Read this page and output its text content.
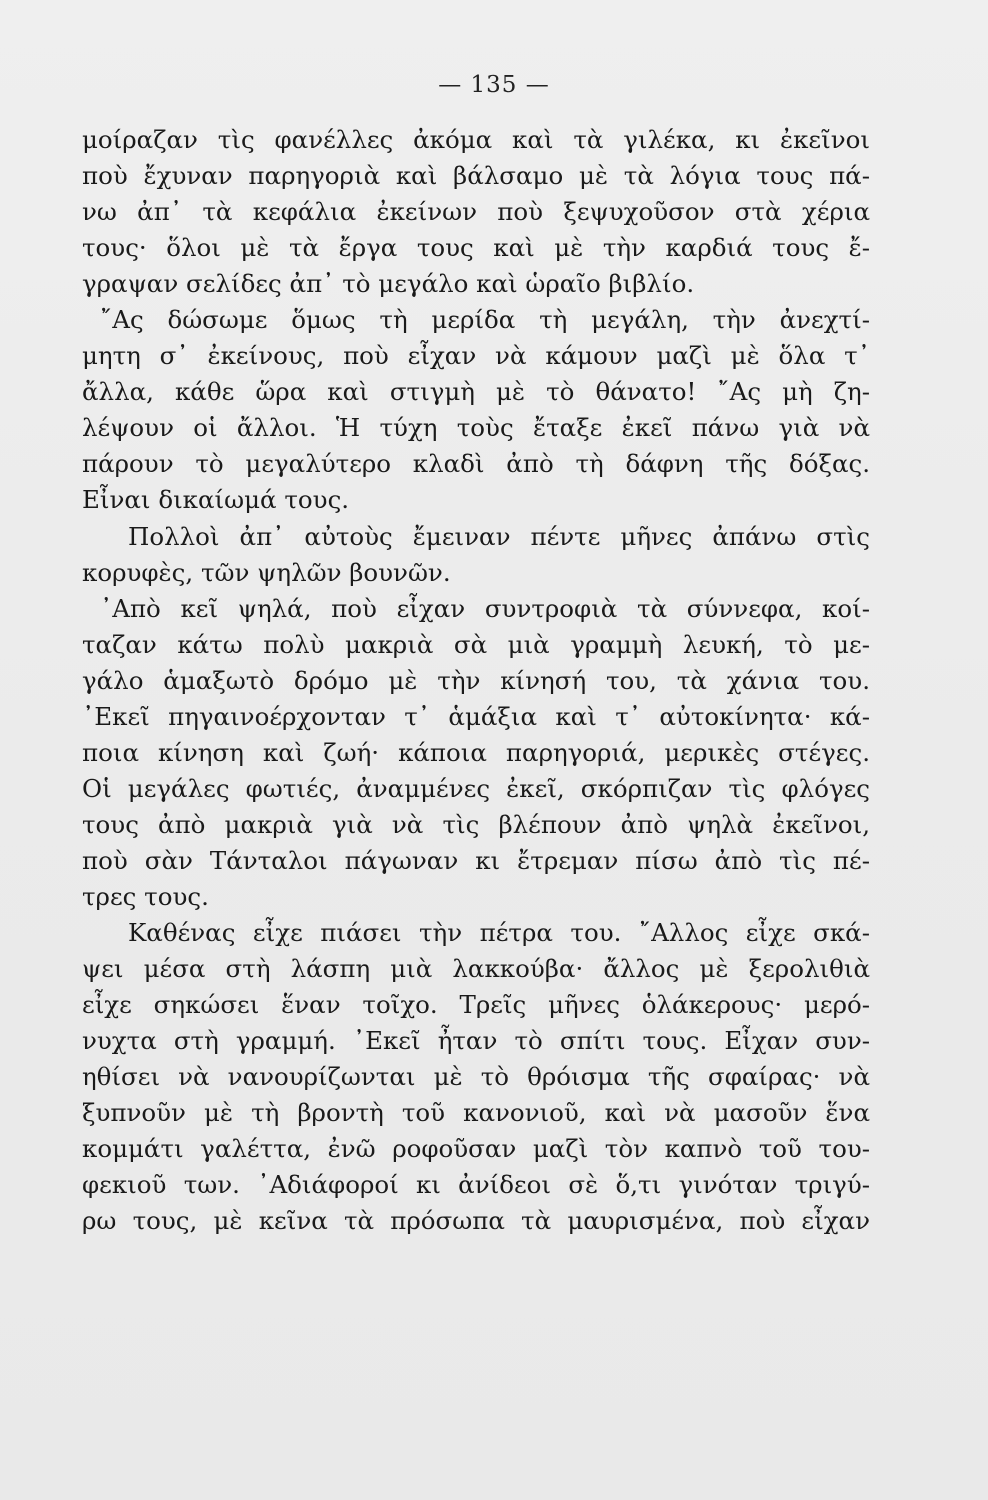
— 135 —
μοίραζαν τὶς φανέλλες ἀκόμα καὶ τὰ γιλέκα, κι ἐκεῖνοι
ποὺ ἔχυναν παρηγοριὰ καὶ βάλσαμο μὲ τὰ λόγια τους πά-
νω ἀπ᾽ τὰ κεφάλια ἐκείνων ποὺ ξεψυχοῦσον στὰ χέρια
τους· ὅλοι μὲ τὰ ἔργα τους καὶ μὲ τὴν καρδιά τους ἔ-
γραψαν σελίδες ἀπ᾽ τὸ μεγάλο καὶ ὡραῖο βιβλίο.
῎Ας δώσωμε ὅμως τὴ μερίδα τὴ μεγάλη, τὴν ἀνεχτί-
μητη σ᾽ ἐκείνους, ποὺ εἶχαν νὰ κάμουν μαζὶ μὲ ὅλα τ᾽
ἄλλα, κάθε ὥρα καὶ στιγμὴ μὲ τὸ θάνατο! ῎Ας μὴ ζη-
λέψουν οἱ ἄλλοι. Ἡ τύχη τοὺς ἔταξε ἐκεῖ πάνω γιὰ νὰ
πάρουν τὸ μεγαλύτερο κλαδὶ ἀπὸ τὴ δάφνη τῆς δόξας.
Εἶναι δικαίωμά τους.
Πολλοὶ ἀπ᾽ αὐτοὺς ἔμειναν πέντε μῆνες ἀπάνω στὶς
κορυφὲς, τῶν ψηλῶν βουνῶν.
᾽Απὸ κεῖ ψηλά, ποὺ εἶχαν συντροφιὰ τὰ σύννεφα, κοί-
ταζαν κάτω πολὺ μακριὰ σὰ μιὰ γραμμὴ λευκή, τὸ με-
γάλο ἁμαξωτὸ δρόμο μὲ τὴν κίνησή του, τὰ χάνια του.
᾽Εκεῖ πηγαινοέρχονταν τ᾽ ἁμάξια καὶ τ᾽ αὐτοκίνητα· κά-
ποια κίνηση καὶ ζωή· κάποια παρηγοριά, μερικὲς στέγες.
Οἱ μεγάλες φωτιές, ἀναμμένες ἐκεῖ, σκόρπιζαν τὶς φλόγες
τους ἀπὸ μακριὰ γιὰ νὰ τὶς βλέπουν ἀπὸ ψηλὰ ἐκεῖνοι,
ποὺ σὰν Τάνταλοι πάγωναν κι ἔτρεμαν πίσω ἀπὸ τὶς πέ-
τρες τους.
Καθένας εἶχε πιάσει τὴν πέτρα του. ῎Αλλος εἶχε σκά-
ψει μέσα στὴ λάσπη μιὰ λακκούβα· ἄλλος μὲ ξερολιθιὰ
εἶχε σηκώσει ἕναν τοῖχο. Τρεῖς μῆνες ὁλάκερους· μερό-
νυχτα στὴ γραμμή. ᾽Εκεῖ ἦταν τὸ σπίτι τους. Εἶχαν συν-
ηθίσει νὰ νανουρίζωνται μὲ τὸ θρόισμα τῆς σφαίρας· νὰ
ξυπνοῦν μὲ τὴ βροντὴ τοῦ κανονιοῦ, καὶ νὰ μασοῦν ἕνα
κομμάτι γαλέττα, ἐνῶ ροφοῦσαν μαζὶ τὸν καπνὸ τοῦ του-
φεκιοῦ των. ᾽Αδιάφοροί κι ἀνίδεοι σὲ ὅ,τι γινόταν τριγύ-
ρω τους, μὲ κεῖνα τὰ πρόσωπα τὰ μαυρισμένα, ποὺ εἶχαν
